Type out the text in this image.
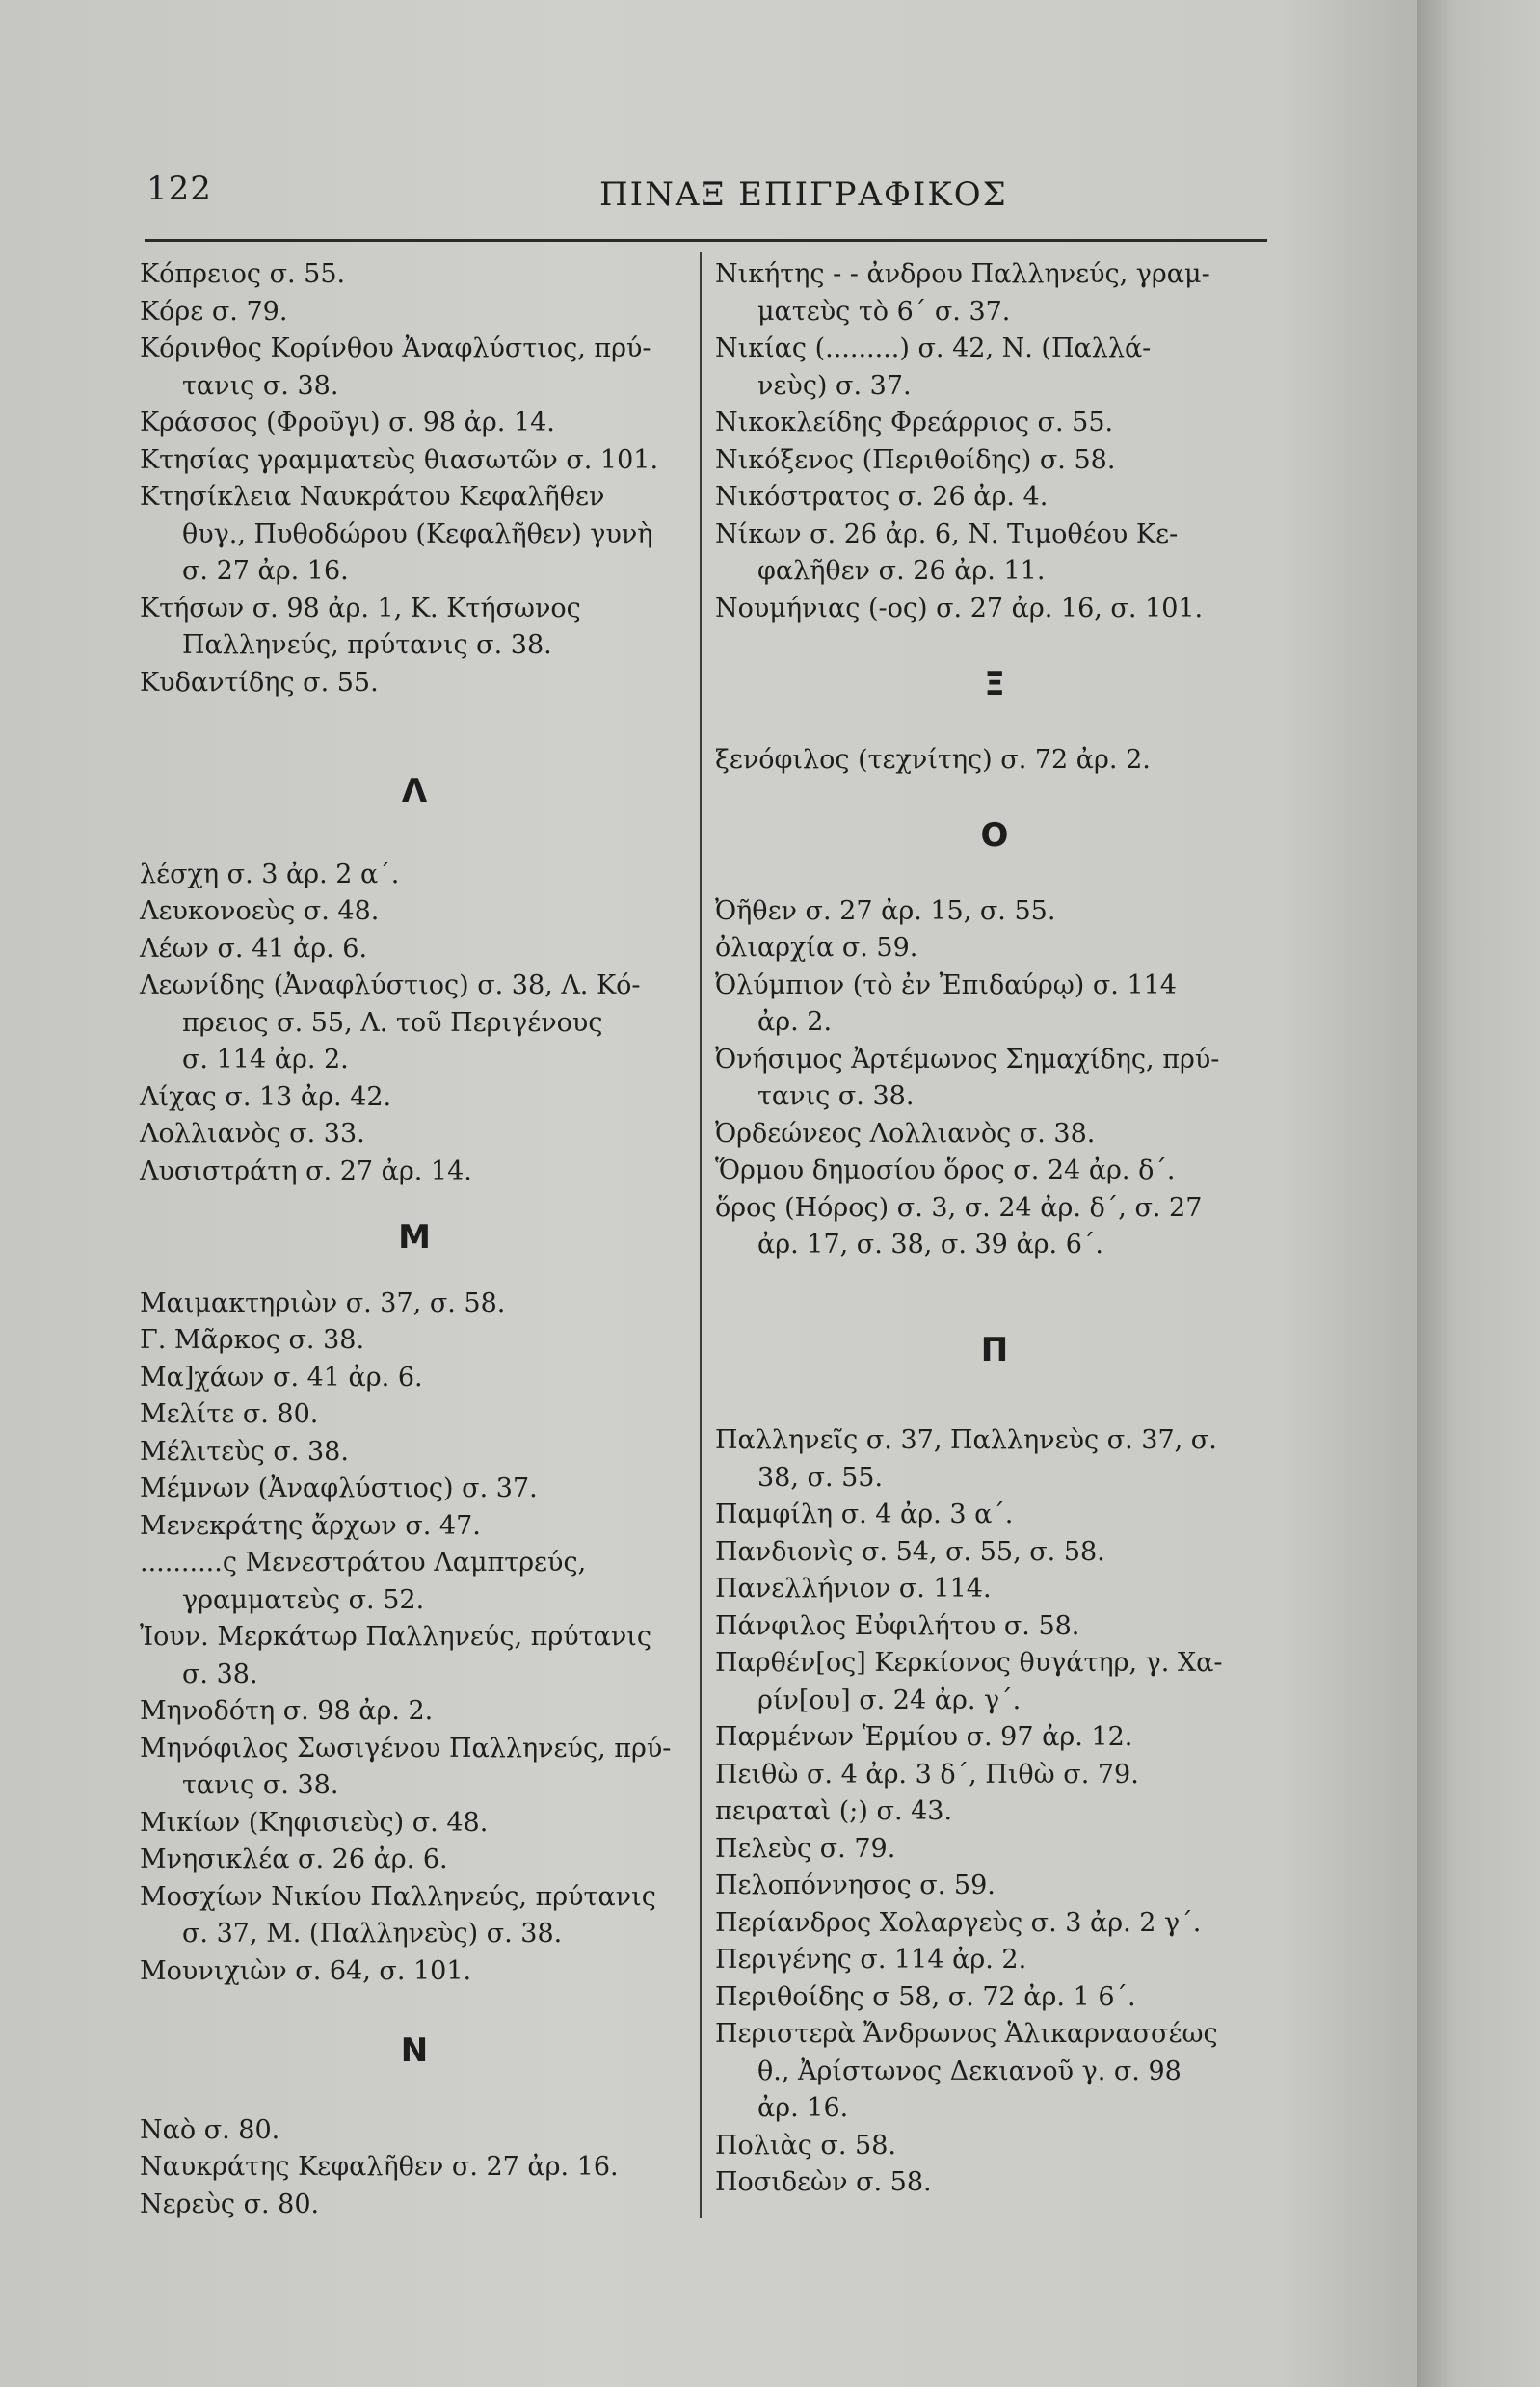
122	ΠΙΝΑΞ ΕΠΙΓΡΑΦΙΚΟΣ
Κόπρειος σ. 55.
Κόρε σ. 79.
Κόρινθος Κορίνθου Ἀναφλύστιος, πρύ-
τανις σ. 38.
Κράσσος (Φροῦγι) σ. 98 ἀρ. 14.
Κτησίας γραμματεὺς θιασωτῶν σ. 101.
Κτησίκλεια Ναυκράτου Κεφαλῆθεν
θυγ., Πυθοδώρου (Κεφαλῆθεν) γυνὴ
σ. 27 ἀρ. 16.
Κτήσων σ. 98 ἀρ. 1, Κ. Κτήσωνος
Παλληνεύς, πρύτανις σ. 38.
Κυδαντίδης σ. 55.
Λ
λέσχη σ. 3 ἀρ. 2 α΄.
Λευκονοεὺς σ. 48.
Λέων σ. 41 ἀρ. 6.
Λεωνίδης (Ἀναφλύστιος) σ. 38, Λ. Κό-
πρειος σ. 55, Λ. τοῦ Περιγένους
σ. 114 ἀρ. 2.
Λίχας σ. 13 ἀρ. 42.
Λολλιανὸς σ. 33.
Λυσιστράτη σ. 27 ἀρ. 14.
Μ
Μαιμακτηριὼν σ. 37, σ. 58.
Γ. Μᾶρκος σ. 38.
Μα]χάων σ. 41 ἀρ. 6.
Μελίτε σ. 80.
Μέλιτεὺς σ. 38.
Μέμνων (Ἀναφλύστιος) σ. 37.
Μενεκράτης ἄρχων σ. 47.
..........ς Μενεστράτου Λαμπτρεύς,
γραμματεὺς σ. 52.
Ἰουν. Μερκάτωρ Παλληνεύς, πρύτανις
σ. 38.
Μηνοδότη σ. 98 ἀρ. 2.
Μηνόφιλος Σωσιγένου Παλληνεύς, πρύ-
τανις σ. 38.
Μικίων (Κηφισιεὺς) σ. 48.
Μνησικλέα σ. 26 ἀρ. 6.
Μοσχίων Νικίου Παλληνεύς, πρύτανις
σ. 37, Μ. (Παλληνεὺς) σ. 38.
Μουνιχιὼν σ. 64, σ. 101.
Ν
Ναὸ σ. 80.
Ναυκράτης Κεφαλῆθεν σ. 27 ἀρ. 16.
Νερεὺς σ. 80.
Νικήτης - - ἀνδρου Παλληνεύς, γραμ-
ματεὺς τὸ 6΄ σ. 37.
Νικίας (.........) σ. 42, Ν. (Παλλά-
νεὺς) σ. 37.
Νικοκλείδης Φρεάρριος σ. 55.
Νικόξενος (Περιθοίδης) σ. 58.
Νικόστρατος σ. 26 ἀρ. 4.
Νίκων σ. 26 ἀρ. 6, Ν. Τιμοθέου Κε-
φαλῆθεν σ. 26 ἀρ. 11.
Νουμήνιας (-ος) σ. 27 ἀρ. 16, σ. 101.
Ξ
ξενόφιλος (τεχνίτης) σ. 72 ἀρ. 2.
Ο
Ὀῆθεν σ. 27 ἀρ. 15, σ. 55.
ὀλιαρχία σ. 59.
Ὀλύμπιον (τὸ ἐν Ἐπιδαύρῳ) σ. 114
ἀρ. 2.
Ὀνήσιμος Ἀρτέμωνος Σημαχίδης, πρύ-
τανις σ. 38.
Ὀρδεώνεος Λολλιανὸς σ. 38.
Ὅρμου δημοσίου ὅρος σ. 24 ἀρ. δ΄.
ὅρος (Ηόρος) σ. 3, σ. 24 ἀρ. δ΄, σ. 27
ἀρ. 17, σ. 38, σ. 39 ἀρ. 6΄.
Π
Παλληνεῖς σ. 37, Παλληνεὺς σ. 37, σ.
38, σ. 55.
Παμφίλη σ. 4 ἀρ. 3 α΄.
Πανδιονὶς σ. 54, σ. 55, σ. 58.
Πανελλήνιον σ. 114.
Πάνφιλος Εὐφιλήτου σ. 58.
Παρθέν[ος] Κερκίονος θυγάτηρ, γ. Χα-
ρίν[ου] σ. 24 ἀρ. γ΄.
Παρμένων Ἑρμίου σ. 97 ἀρ. 12.
Πειθὼ σ. 4 ἀρ. 3 δ΄, Πιθὼ σ. 79.
πειραταὶ (;) σ. 43.
Πελεὺς σ. 79.
Πελοπόννησος σ. 59.
Περίανδρος Χολαργεὺς σ. 3 ἀρ. 2 γ΄.
Περιγένης σ. 114 ἀρ. 2.
Περιθοίδης σ 58, σ. 72 ἀρ. 1 6΄.
Περιστερὰ Ἄνδρωνος Ἁλικαρνασσέως
θ., Ἀρίστωνος Δεκιανοῦ γ. σ. 98
ἀρ. 16.
Πολιὰς σ. 58.
Ποσιδεὼν σ. 58.
